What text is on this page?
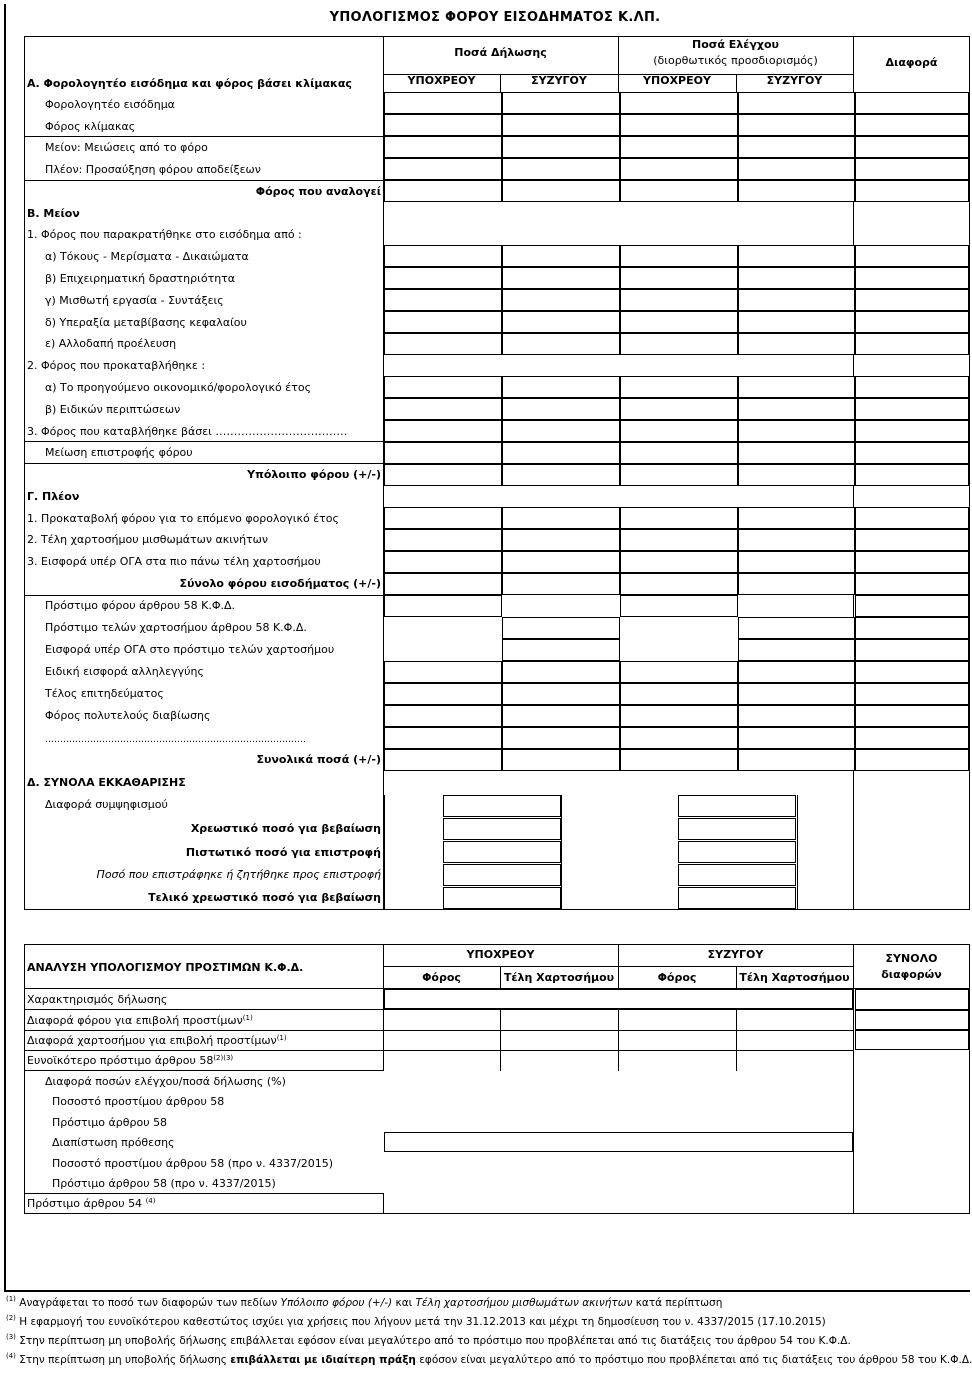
ΥΠΟΛΟΓΙΣΜΟΣ ΦΟΡΟΥ ΕΙΣΟΔΗΜΑΤΟΣ Κ.ΛΠ.
Ποσά Δήλωσης
Ποσά Ελέγχου
(διορθωτικός προσδιορισμός)	Διαφορά
ΥΠΟΧΡΕΟΥ	ΣΥΖΥΓΟΥ	ΥΠΟΧΡΕΟΥ	ΣΥΖΥΓΟΥ
Α. Φορολογητέο εισόδημα και φόρος βάσει κλίμακας
Φορολογητέο εισόδημα
Φόρος κλίμακας
Μείον: Μειώσεις από το φόρο
Πλέον: Προσαύξηση φόρου αποδείξεων
Φόρος που αναλογεί
Β. Μείον
1. Φόρος που παρακρατήθηκε στο εισόδημα από :
α) Τόκους - Μερίσματα - Δικαιώματα
β) Επιχειρηματική δραστηριότητα
γ) Μισθωτή εργασία - Συντάξεις
δ) Υπεραξία μεταβίβασης κεφαλαίου
ε) Αλλοδαπή προέλευση
2. Φόρος που προκαταβλήθηκε :
α) Το προηγούμενο οικονομικό/φορολογικό έτος
β) Ειδικών περιπτώσεων
3. Φόρος που καταβλήθηκε βάσει ………………………………
Μείωση επιστροφής φόρου
Υπόλοιπο φόρου (+/-)
Γ. Πλέον
1. Προκαταβολή φόρου για το επόμενο φορολογικό έτος
2. Τέλη χαρτοσήμου μισθωμάτων ακινήτων
3. Εισφορά υπέρ ΟΓΑ στα πιο πάνω τέλη χαρτοσήμου
Σύνολο φόρου εισοδήματος (+/-)
Πρόστιμο φόρου άρθρου 58 Κ.Φ.Δ.
Πρόστιμο τελών χαρτοσήμου άρθρου 58 Κ.Φ.Δ.
Εισφορά υπέρ ΟΓΑ στο πρόστιμο τελών χαρτοσήμου
Ειδική εισφορά αλληλεγγύης
Τέλος επιτηδεύματος
Φόρος πολυτελούς διαβίωσης
……………………………………………………………………………
Συνολικά ποσά (+/-)
Δ. ΣΥΝΟΛΑ ΕΚΚΑΘΑΡΙΣΗΣ
Διαφορά συμψηφισμού
Χρεωστικό ποσό για βεβαίωση
Πιστωτικό ποσό για επιστροφή
Ποσό που επιστράφηκε ή ζητήθηκε προς επιστροφή
Τελικό χρεωστικό ποσό για βεβαίωση
ΑΝΑΛΥΣΗ ΥΠΟΛΟΓΙΣΜΟΥ ΠΡΟΣΤΙΜΩΝ Κ.Φ.Δ.
ΥΠΟΧΡΕΟΥ	ΣΥΖΥΓΟΥ	ΣΥΝΟΛΟ
διαφορών
Φόρος	Τέλη Χαρτοσήμου	Φόρος	Τέλη Χαρτοσήμου
Χαρακτηρισμός δήλωσης
Διαφορά φόρου για επιβολή προστίμων$^{(1)}$
Διαφορά χαρτοσήμου για επιβολή προστίμων$^{(1)}$
Ευνοϊκότερο πρόστιμο άρθρου $58^{(2)(3)}$
Διαφορά ποσών ελέγχου/ποσά δήλωσης (%)
Ποσοστό προστίμου άρθρου 58
Πρόστιμο άρθρου 58
Διαπίστωση πρόθεσης
Ποσοστό προστίμου άρθρου 58 (προ ν. 4337/2015)
Πρόστιμο άρθρου 58 (προ ν. 4337/2015)
Πρόστιμο άρθρου 54 $^{(4)}$
$^{(1)}$ Αναγράφεται το ποσό των διαφορών των πεδίων Υπόλοιπο φόρου (+/-) και Τέλη χαρτοσήμου μισθωμάτων ακινήτων κατά περίπτωση
$^{(2)}$ Η εφαρμογή του ευνοϊκότερου καθεστώτος ισχύει για χρήσεις που λήγουν μετά την 31.12.2013 και μέχρι τη δημοσίευση του ν. 4337/2015 (17.10.2015)
$^{(3)}$ Στην περίπτωση μη υποβολής δήλωσης επιβάλλεται εφόσον είναι μεγαλύτερο από το πρόστιμο που προβλέπεται από τις διατάξεις του άρθρου 54 του Κ.Φ.Δ.
$^{(4)}$ Στην περίπτωση μη υποβολής δήλωσης επιβάλλεται με ιδιαίτερη πράξη εφόσον είναι μεγαλύτερο από το πρόστιμο που προβλέπεται από τις διατάξεις του άρθρου 58 του Κ.Φ.Δ.
